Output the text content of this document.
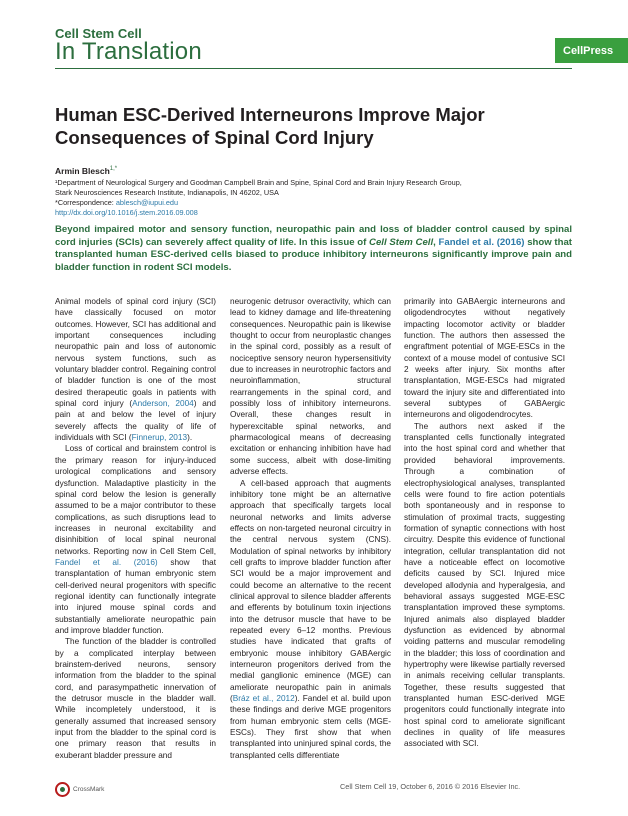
Cell Stem Cell
In Translation	CellPress
Human ESC-Derived Interneurons Improve Major Consequences of Spinal Cord Injury
Armin Blesch$^{1,*}$
¹Department of Neurological Surgery and Goodman Campbell Brain and Spine, Spinal Cord and Brain Injury Research Group,
Stark Neurosciences Research Institute, Indianapolis, IN 46202, USA
*Correspondence: ablesch@iupui.edu
http://dx.doi.org/10.1016/j.stem.2016.09.008
Beyond impaired motor and sensory function, neuropathic pain and loss of bladder control caused by spinal cord injuries (SCIs) can severely affect quality of life. In this issue of Cell Stem Cell, Fandel et al. (2016) show that transplanted human ESC-derived cells biased to produce inhibitory interneurons significantly improve pain and bladder function in rodent SCI models.

Animal models of spinal cord injury (SCI) have classically focused on motor outcomes. However, SCI has additional and important consequences including neuropathic pain and loss of autonomic nervous system functions, such as voluntary bladder control. Regaining control of bladder function is one of the most desired therapeutic goals in patients with spinal cord injury (Anderson, 2004) and pain at and below the level of injury severely affects the quality of life of individuals with SCI (Finnerup, 2013).

Loss of cortical and brainstem control is the primary reason for injury-induced urological complications and sensory dysfunction. Maladaptive plasticity in the spinal cord below the lesion is generally assumed to be a major contributor to these complications, as such disruptions lead to increases in neuronal excitability and disinhibition of local spinal neuronal networks. Reporting now in Cell Stem Cell, Fandel et al. (2016) show that transplantation of human embryonic stem cell-derived neural progenitors with specific regional identity can functionally integrate into injured mouse spinal cords and substantially ameliorate neuropathic pain and improve bladder function.

The function of the bladder is controlled by a complicated interplay between brainstem-derived neurons, sensory information from the bladder to the spinal cord, and parasympathetic innervation of the detrusor muscle in the bladder wall. While incompletely understood, it is generally assumed that increased sensory input from the bladder to the spinal cord is one primary reason that results in exuberant bladder pressure and

neurogenic detrusor overactivity, which can lead to kidney damage and life-threatening consequences. Neuropathic pain is likewise thought to occur from neuroplastic changes in the spinal cord, possibly as a result of nociceptive sensory neuron hypersensitivity due to increases in neurotrophic factors and neuroinflammation, structural rearrangements in the spinal cord, and possibly loss of inhibitory interneurons. Overall, these changes result in hyperexcitable spinal networks, and pharmacological means of decreasing excitation or enhancing inhibition have had some success, albeit with dose-limiting adverse effects.

A cell-based approach that augments inhibitory tone might be an alternative approach that specifically targets local neuronal networks and limits adverse effects on non-targeted neuronal circuitry in the central nervous system (CNS). Modulation of spinal networks by inhibitory cell grafts to improve bladder function after SCI would be a major improvement and could become an alternative to the recent clinical approval to silence bladder afferents and efferents by botulinum toxin injections into the detrusor muscle that have to be repeated every 6–12 months. Previous studies have indicated that grafts of embryonic mouse inhibitory GABAergic interneuron progenitors derived from the medial ganglionic eminence (MGE) can ameliorate neuropathic pain in animals (Bráz et al., 2012). Fandel et al. build upon these findings and derive MGE progenitors from human embryonic stem cells (MGE-ESCs). They first show that when transplanted into uninjured spinal cords, the transplanted cells differentiate

primarily into GABAergic interneurons and oligodendrocytes without negatively impacting locomotor activity or bladder function. The authors then assessed the engraftment potential of MGE-ESCs in the context of a mouse model of contusive SCI 2 weeks after injury. Six months after transplantation, MGE-ESCs had migrated toward the injury site and differentiated into several subtypes of GABAergic interneurons and oligodendrocytes.

The authors next asked if the transplanted cells functionally integrated into the host spinal cord and whether that provided behavioral improvements. Through a combination of electrophysiological analyses, transplanted cells were found to fire action potentials both spontaneously and in response to stimulation of proximal tracts, suggesting formation of synaptic connections with host circuitry. Despite this evidence of functional integration, cellular transplantation did not have a noticeable effect on locomotive deficits caused by SCI. Injured mice developed allodynia and hyperalgesia, and behavioral assays suggested MGE-ESC transplantation improved these symptoms. Injured animals also displayed bladder dysfunction as evidenced by abnormal voiding patterns and muscular remodeling in the bladder; this loss of coordination and hypertrophy were likewise partially reversed in animals receiving cellular transplants. Together, these results suggested that transplanted human ESC-derived MGE progenitors could functionally integrate into host spinal cord to ameliorate significant declines in quality of life measures associated with SCI.

CrossMark	Cell Stem Cell 19, October 6, 2016 © 2016 Elsevier Inc.
